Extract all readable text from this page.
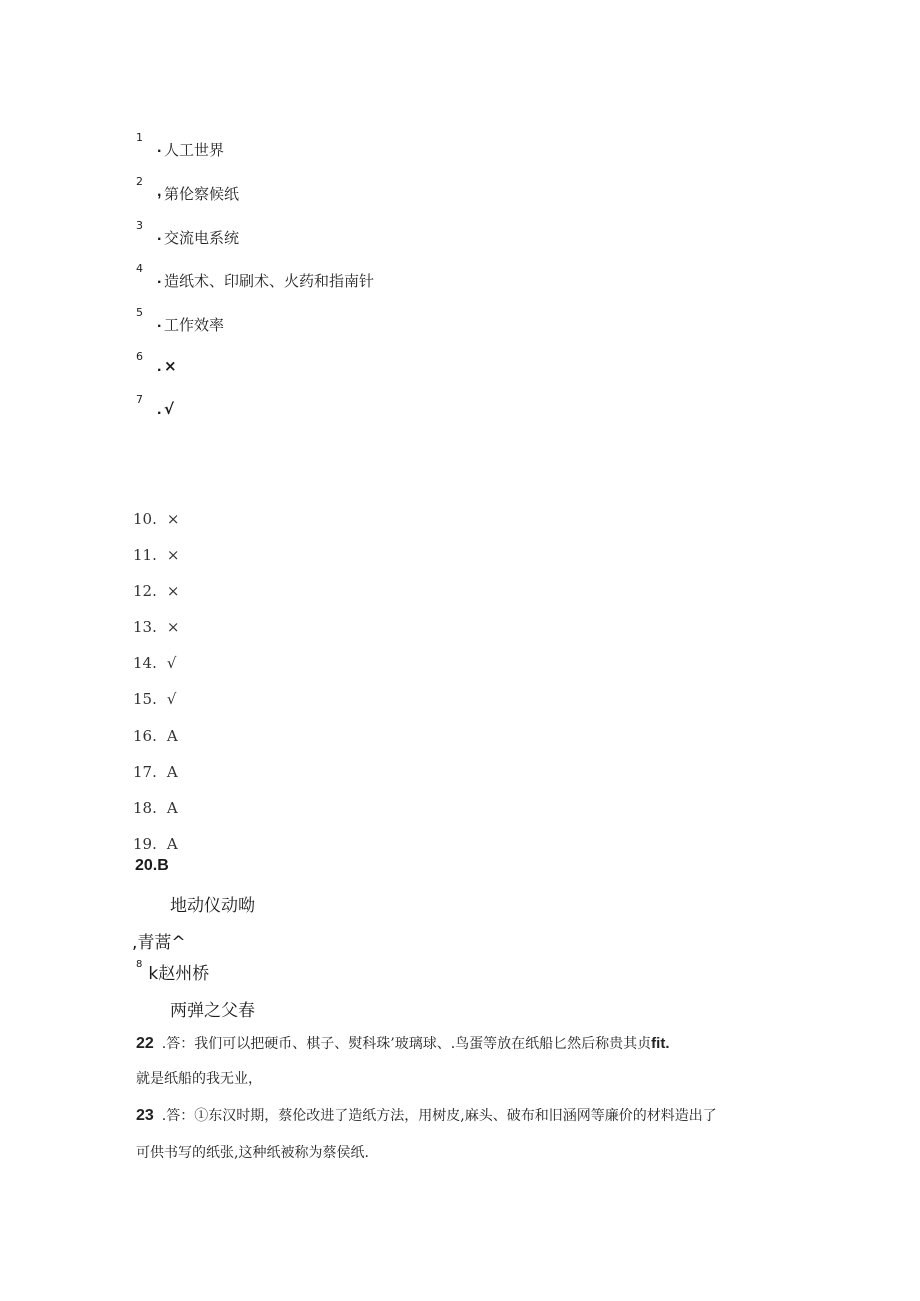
1
. 人工世界
2
, 第伦察候纸
3
. 交流电系统
4
. 造纸术、印刷术、火药和指南针
5
. 工作效率
6
. ×
7
. √
10. ×
11. ×
12. ×
13. ×
14. √
15. √
16. A
17. A
18. A
19. A
20.B
地动仪动呦
,青蒿^
$^8$ k赵州桥
两弹之父春
22 .答：我们可以把硬币、棋子、熨科珠’玻璃球、.鸟蛋等放在纸船匕然后称贵其贞fit.
就是纸船的我无业，
23 .答：①东汉时期，蔡伦改进了造纸方法，用树皮,麻头、破布和旧涵网等廉价的材料造出了
可供书写的纸张,这种纸被称为蔡侯纸.
